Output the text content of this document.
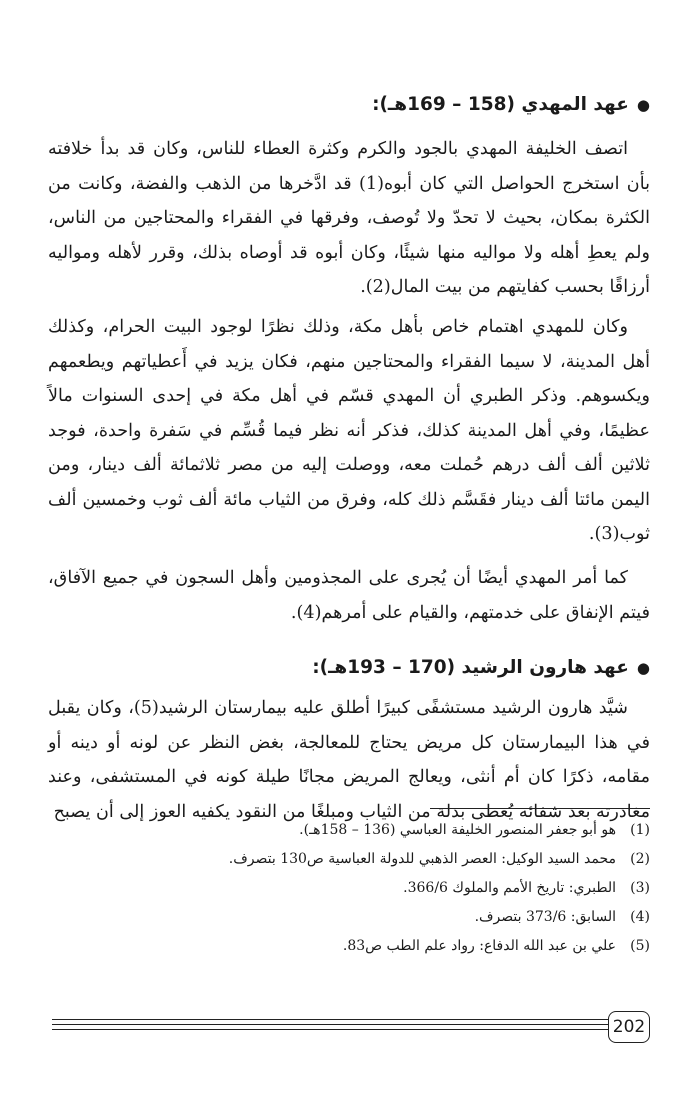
●عهد المهدي (158 – 169هـ):

اتصف الخليفة المهدي بالجود والكرم وكثرة العطاء للناس، وكان قد بدأ خلافته بأن استخرج الحواصل التي كان أبوه(1) قد ادَّخرها من الذهب والفضة، وكانت من الكثرة بمكان، بحيث لا تحدّ ولا تُوصف، وفرقها في الفقراء والمحتاجين من الناس، ولم يعطِ أهله ولا مواليه منها شيئًا، وكان أبوه قد أوصاه بذلك، وقرر لأهله ومواليه أرزاقًا بحسب كفايتهم من بيت المال(2).

وكان للمهدي اهتمام خاص بأهل مكة، وذلك نظرًا لوجود البيت الحرام، وكذلك أهل المدينة، لا سيما الفقراء والمحتاجين منهم، فكان يزيد في أَعطياتهم ويطعمهم ويكسوهم. وذكر الطبري أن المهدي قسّم في أهل مكة في إحدى السنوات مالاً عظيمًا، وفي أهل المدينة كذلك، فذكر أنه نظر فيما قُسِّم في سَفرة واحدة، فوجد ثلاثين ألف ألف درهم حُملت معه، ووصلت إليه من مصر ثلاثمائة ألف دينار، ومن اليمن مائتا ألف دينار فقَسَّم ذلك كله، وفرق من الثياب مائة ألف ثوب وخمسين ألف ثوب(3).

كما أمر المهدي أيضًا أن يُجرى على المجذومين وأهل السجون في جميع الآفاق، فيتم الإنفاق على خدمتهم، والقيام على أمرهم(4).

●عهد هارون الرشيد (170 – 193هـ):

شيَّد هارون الرشيد مستشفًى كبيرًا أطلق عليه بيمارستان الرشيد(5)، وكان يقبل في هذا البيمارستان كل مريض يحتاج للمعالجة، بغض النظر عن لونه أو دينه أو مقامه، ذكرًا كان أم أنثى، ويعالج المريض مجانًا طيلة كونه في المستشفى، وعند مغادرته بعد شفائه يُعطى بدلة من الثياب ومبلغًا من النقود يكفيه العوز إلى أن يصبح

(1)
هو أبو جعفر المنصور الخليفة العباسي (136 – 158هـ).
(2)
محمد السيد الوكيل: العصر الذهبي للدولة العباسية ص130 بتصرف.
(3)
الطبري: تاريخ الأمم والملوك 366/6.
(4)
السابق: 373/6 بتصرف.
(5)
علي بن عبد الله الدفاع: رواد علم الطب ص83.
202
